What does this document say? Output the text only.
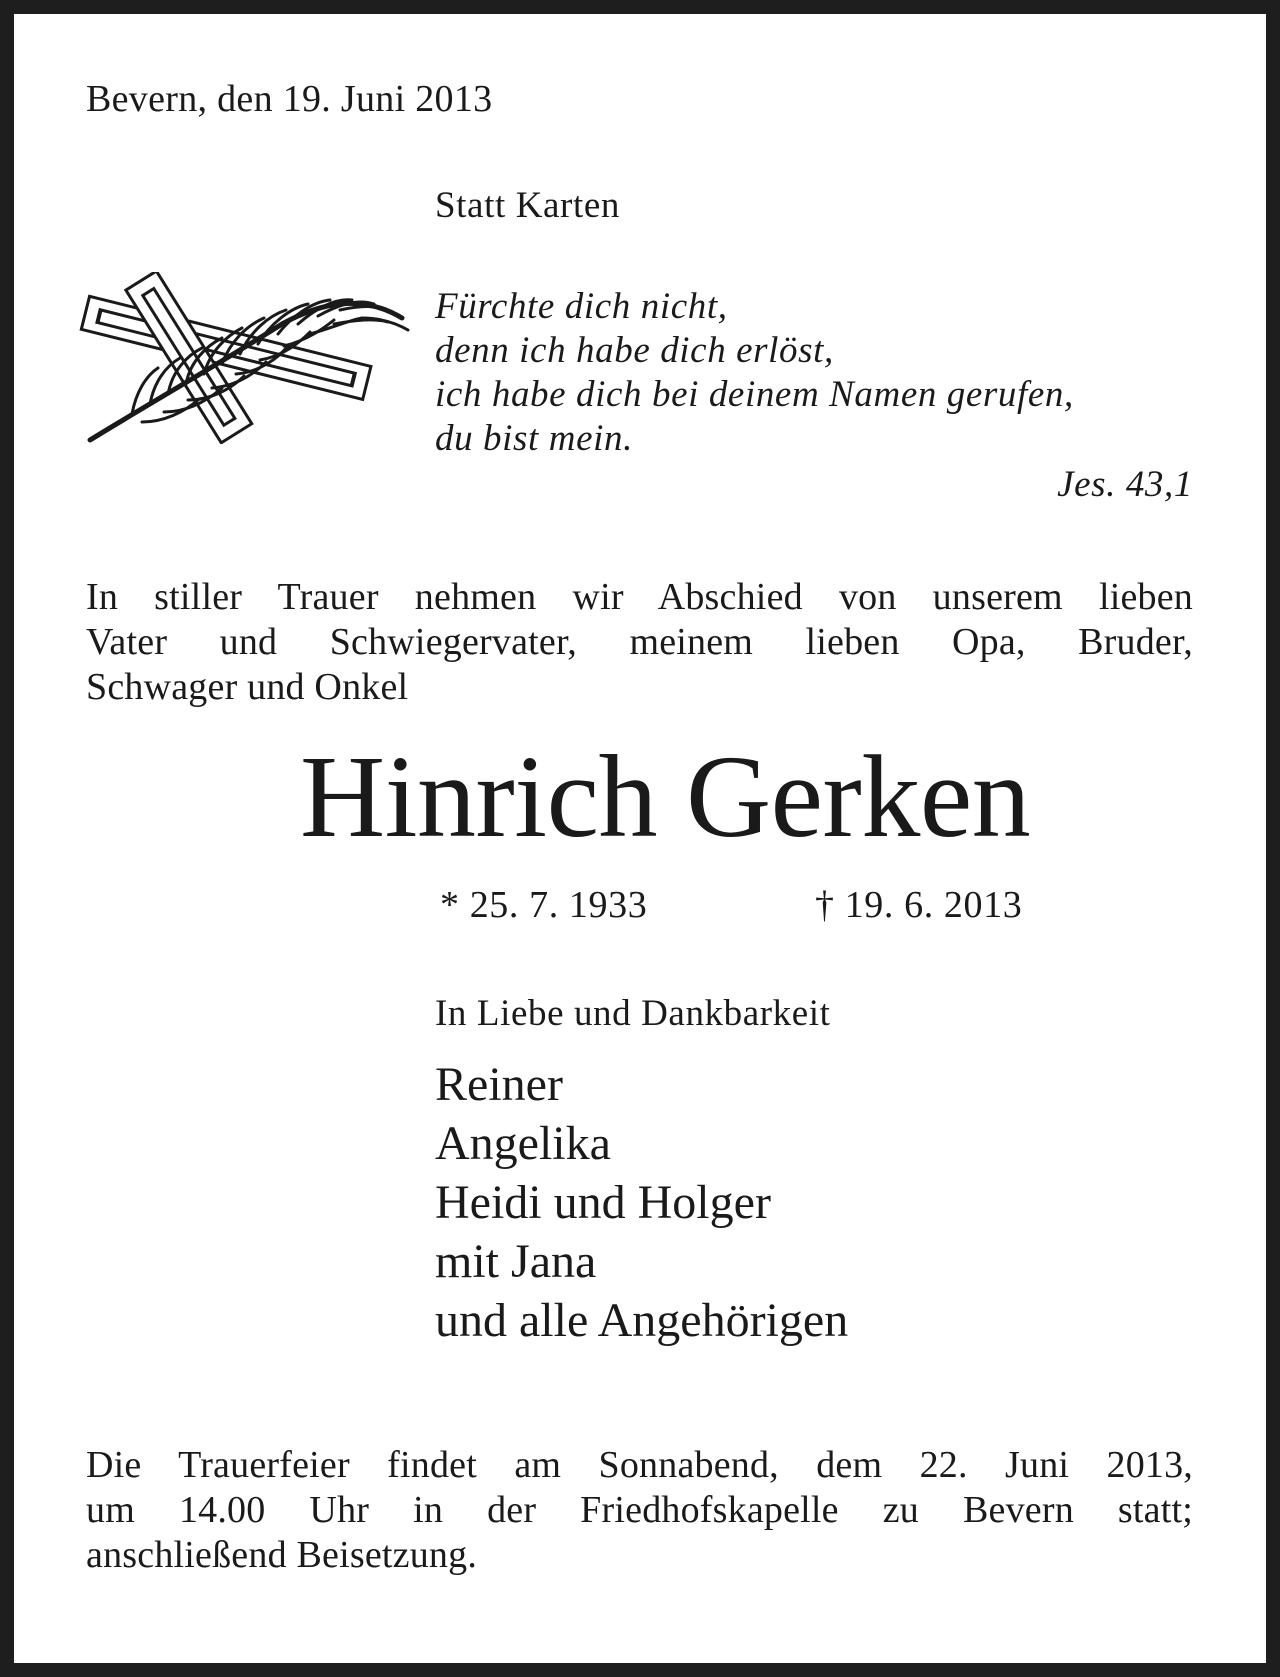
Bevern, den 19. Juni 2013
Statt Karten
Fürchte dich nicht,
denn ich habe dich erlöst,
ich habe dich bei deinem Namen gerufen,
du bist mein.
Jes. 43,1
In stiller Trauer nehmen wir Abschied von unserem lieben
Vater und Schwiegervater, meinem lieben Opa, Bruder,
Schwager und Onkel
Hinrich Gerken
* 25. 7. 1933	† 19. 6. 2013
In Liebe und Dankbarkeit
Reiner
Angelika
Heidi und Holger
mit Jana
und alle Angehörigen
Die Trauerfeier findet am Sonnabend, dem 22. Juni 2013,
um 14.00 Uhr in der Friedhofskapelle zu Bevern statt;
anschließend Beisetzung.
